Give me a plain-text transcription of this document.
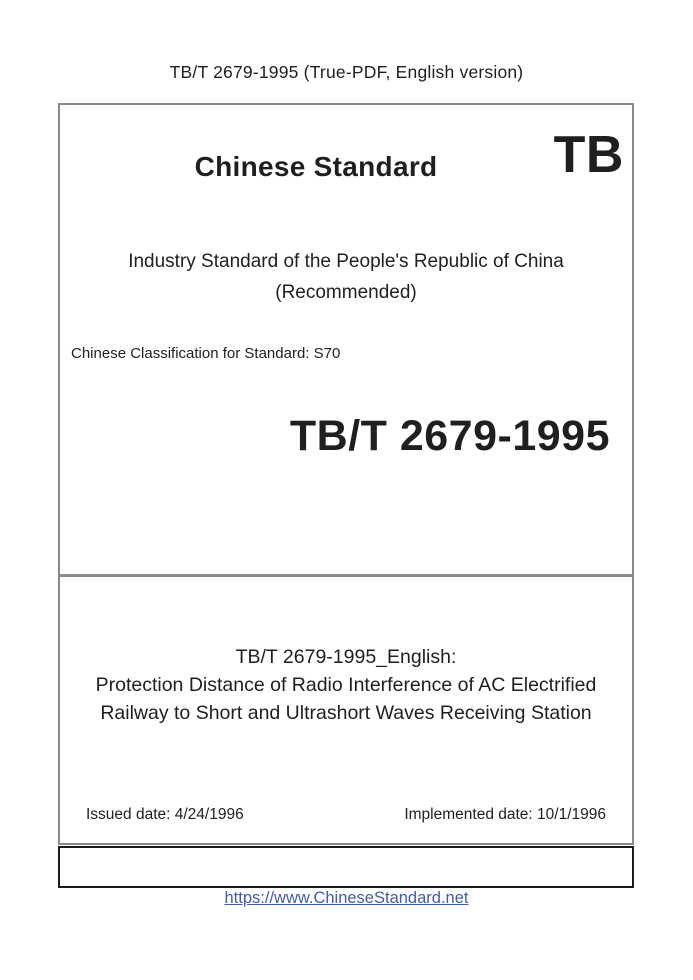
TB/T 2679-1995 (True-PDF, English version)
Chinese Standard	TB
Industry Standard of the People's Republic of China
(Recommended)
Chinese Classification for Standard: S70
TB/T 2679-1995
TB/T 2679-1995_English:
Protection Distance of Radio Interference of AC Electrified
Railway to Short and Ultrashort Waves Receiving Station
Issued date: 4/24/1996	Implemented date: 10/1/1996
https://www.ChineseStandard.net
